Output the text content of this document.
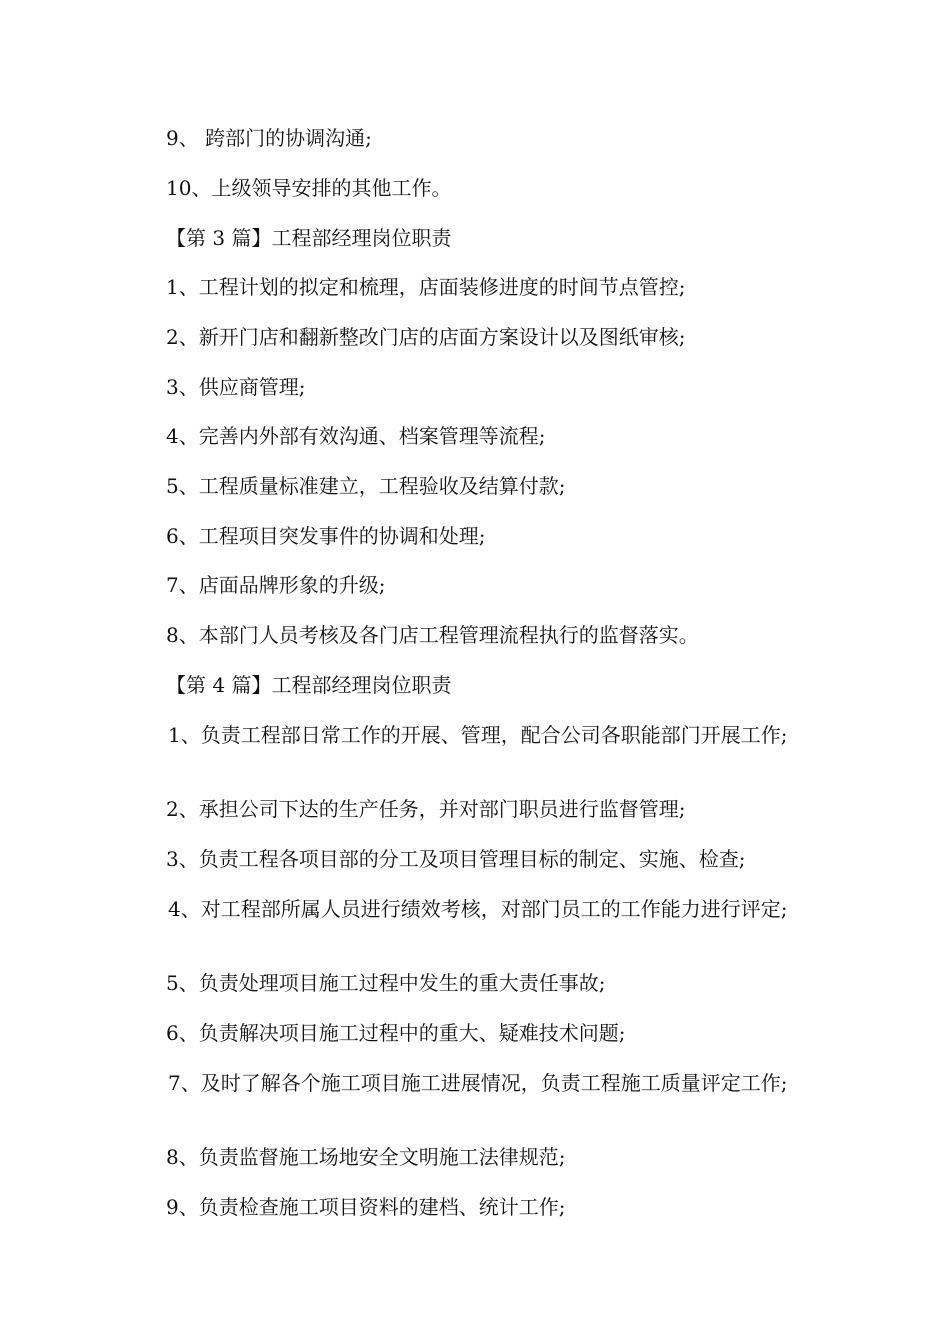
9、 跨部门的协调沟通;

10、上级领导安排的其他工作。

【第 3 篇】工程部经理岗位职责

1、工程计划的拟定和梳理，店面装修进度的时间节点管控;

2、新开门店和翻新整改门店的店面方案设计以及图纸审核;

3、供应商管理;

4、完善内外部有效沟通、档案管理等流程;

5、工程质量标准建立，工程验收及结算付款;

6、工程项目突发事件的协调和处理;

7、店面品牌形象的升级;

8、本部门人员考核及各门店工程管理流程执行的监督落实。

【第 4 篇】工程部经理岗位职责

1、负责工程部日常工作的开展、管理，配合公司各职能部门开展工作;

2、承担公司下达的生产任务，并对部门职员进行监督管理;

3、负责工程各项目部的分工及项目管理目标的制定、实施、检查;

4、对工程部所属人员进行绩效考核，对部门员工的工作能力进行评定;

5、负责处理项目施工过程中发生的重大责任事故;

6、负责解决项目施工过程中的重大、疑难技术问题;

7、及时了解各个施工项目施工进展情况，负责工程施工质量评定工作;

8、负责监督施工场地安全文明施工法律规范;

9、负责检查施工项目资料的建档、统计工作;
